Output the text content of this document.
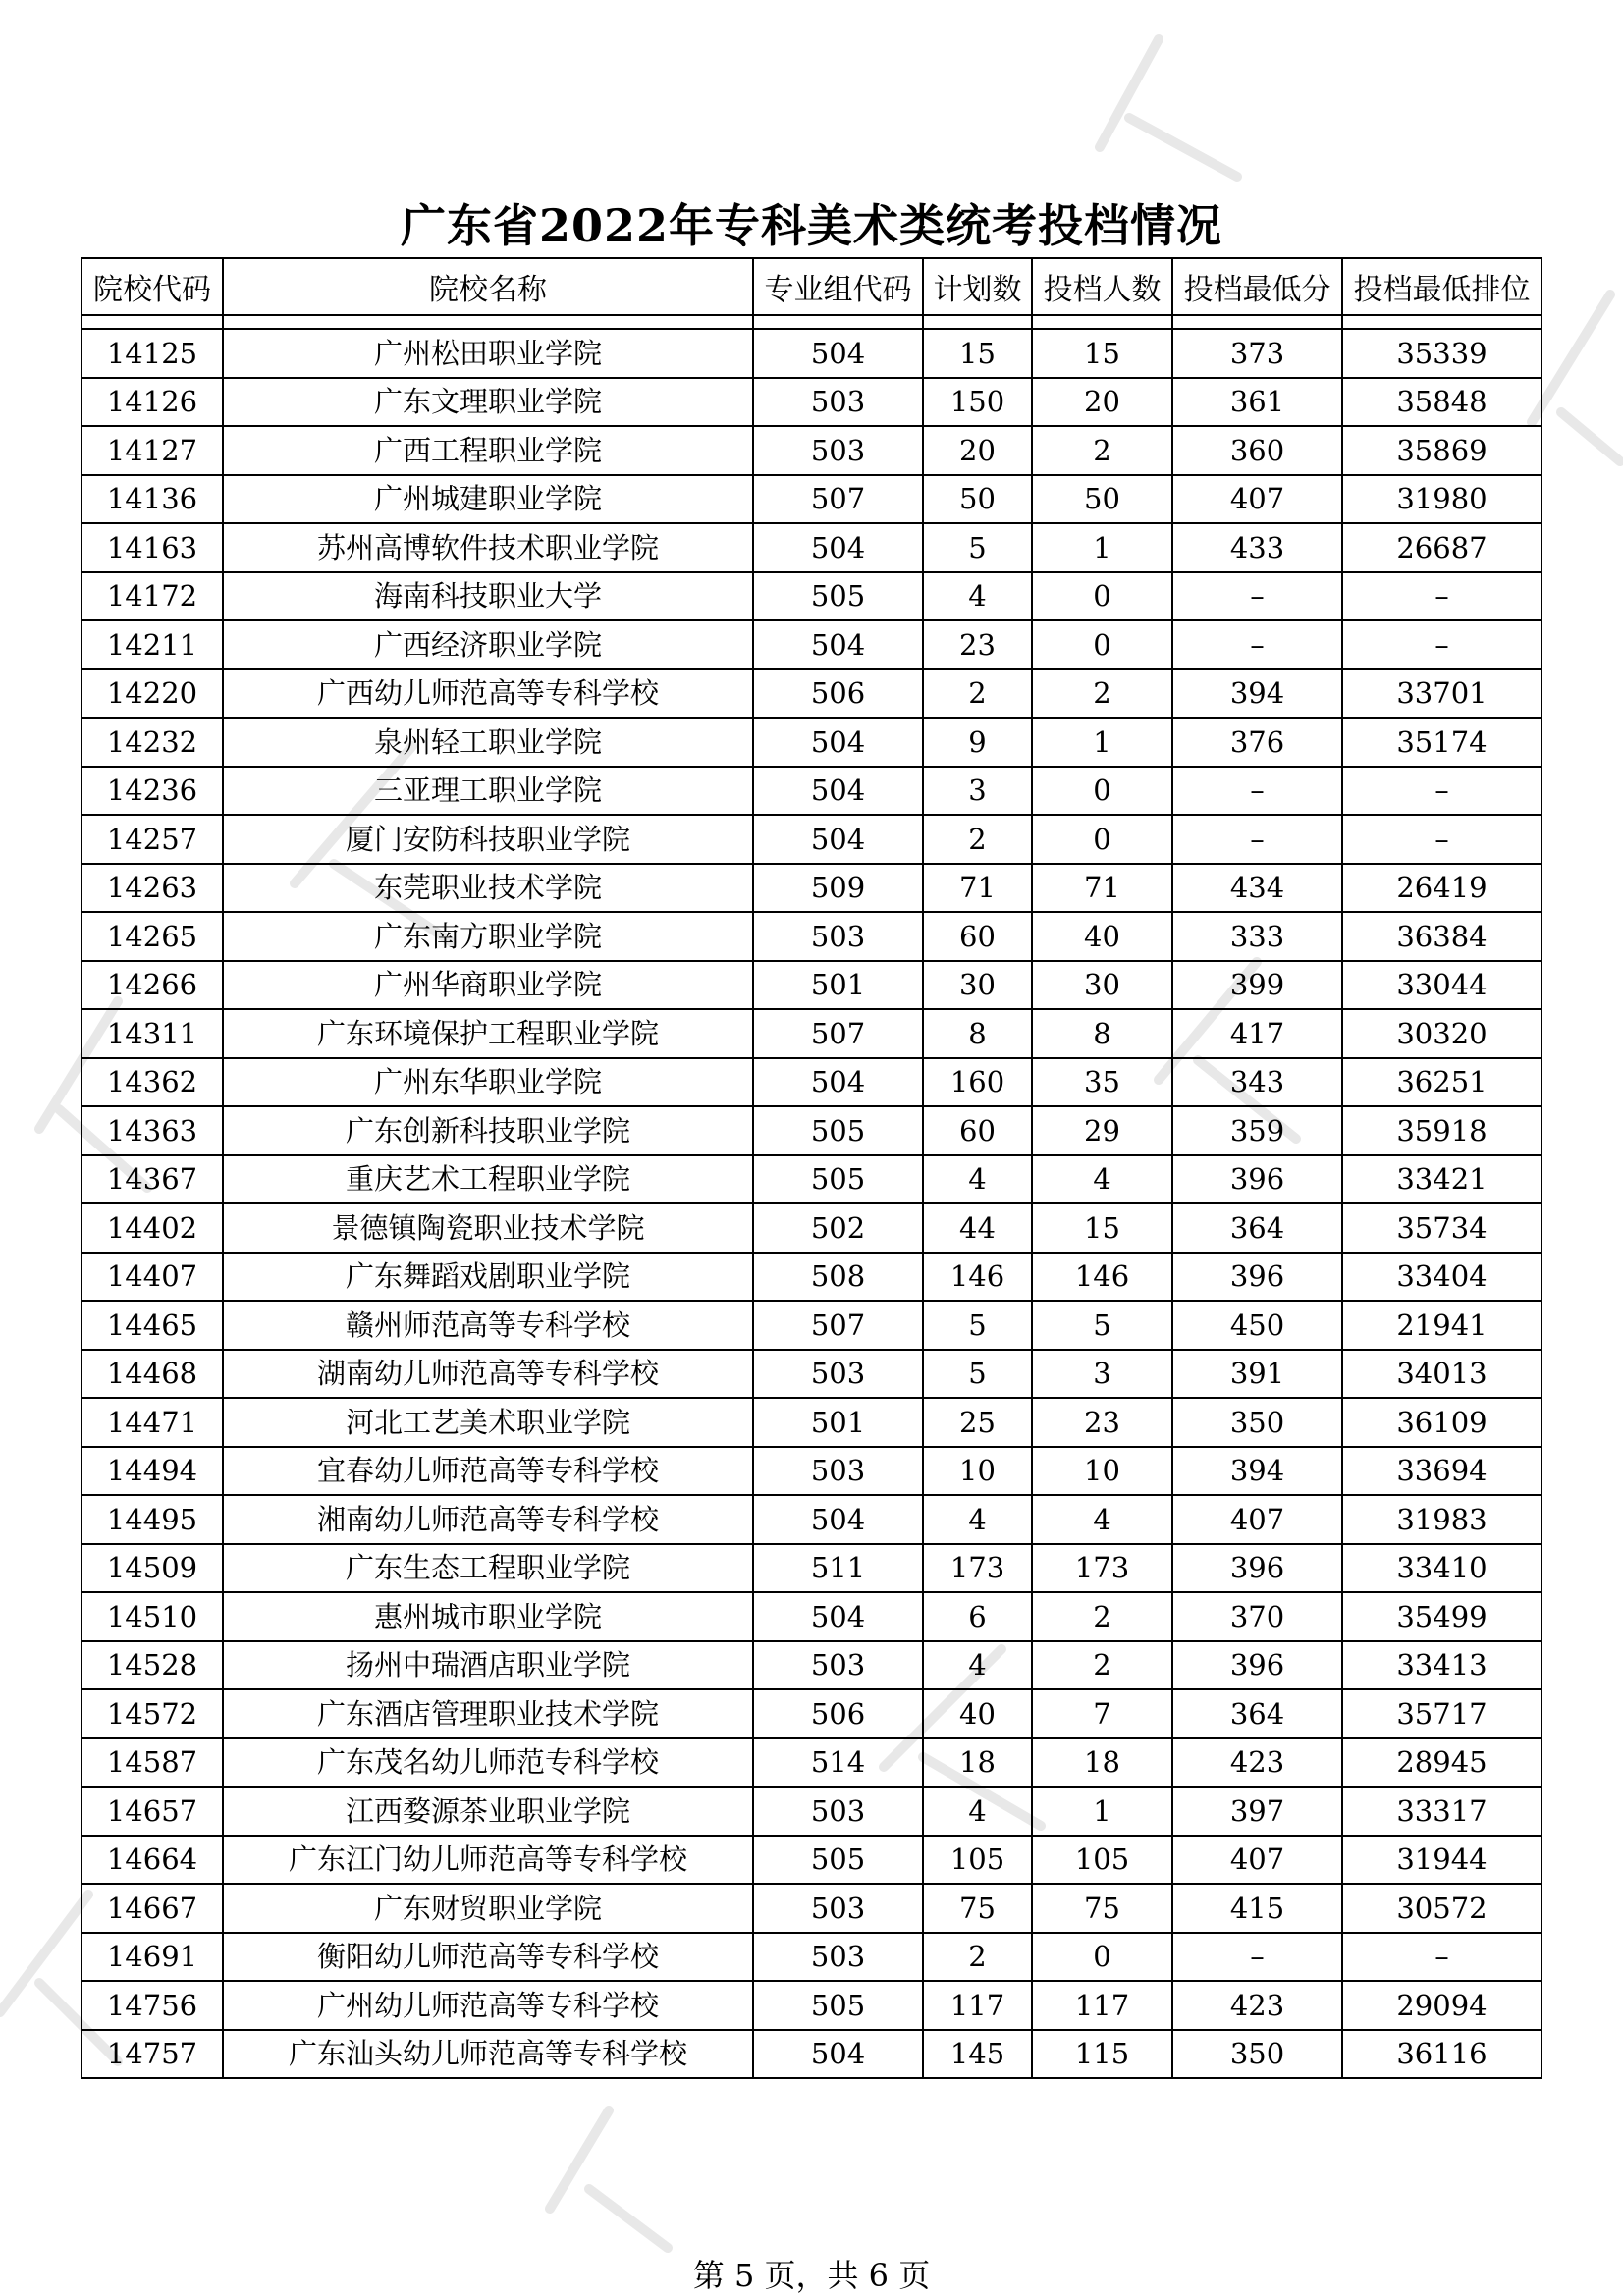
广东省2022年专科美术类统考投档情况
院校代码	院校名称	专业组代码	计划数	投档人数	投档最低分	投档最低排位

14125	广州松田职业学院	504	15	15	373	35339
14126	广东文理职业学院	503	150	20	361	35848
14127	广西工程职业学院	503	20	2	360	35869
14136	广州城建职业学院	507	50	50	407	31980
14163	苏州高博软件技术职业学院	504	5	1	433	26687
14172	海南科技职业大学	505	4	0	–	–
14211	广西经济职业学院	504	23	0	–	–
14220	广西幼儿师范高等专科学校	506	2	2	394	33701
14232	泉州轻工职业学院	504	9	1	376	35174
14236	三亚理工职业学院	504	3	0	–	–
14257	厦门安防科技职业学院	504	2	0	–	–
14263	东莞职业技术学院	509	71	71	434	26419
14265	广东南方职业学院	503	60	40	333	36384
14266	广州华商职业学院	501	30	30	399	33044
14311	广东环境保护工程职业学院	507	8	8	417	30320
14362	广州东华职业学院	504	160	35	343	36251
14363	广东创新科技职业学院	505	60	29	359	35918
14367	重庆艺术工程职业学院	505	4	4	396	33421
14402	景德镇陶瓷职业技术学院	502	44	15	364	35734
14407	广东舞蹈戏剧职业学院	508	146	146	396	33404
14465	赣州师范高等专科学校	507	5	5	450	21941
14468	湖南幼儿师范高等专科学校	503	5	3	391	34013
14471	河北工艺美术职业学院	501	25	23	350	36109
14494	宜春幼儿师范高等专科学校	503	10	10	394	33694
14495	湘南幼儿师范高等专科学校	504	4	4	407	31983
14509	广东生态工程职业学院	511	173	173	396	33410
14510	惠州城市职业学院	504	6	2	370	35499
14528	扬州中瑞酒店职业学院	503	4	2	396	33413
14572	广东酒店管理职业技术学院	506	40	7	364	35717
14587	广东茂名幼儿师范专科学校	514	18	18	423	28945
14657	江西婺源茶业职业学院	503	4	1	397	33317
14664	广东江门幼儿师范高等专科学校	505	105	105	407	31944
14667	广东财贸职业学院	503	75	75	415	30572
14691	衡阳幼儿师范高等专科学校	503	2	0	–	–
14756	广州幼儿师范高等专科学校	505	117	117	423	29094
14757	广东汕头幼儿师范高等专科学校	504	145	115	350	36116
第 5 页，共 6 页
